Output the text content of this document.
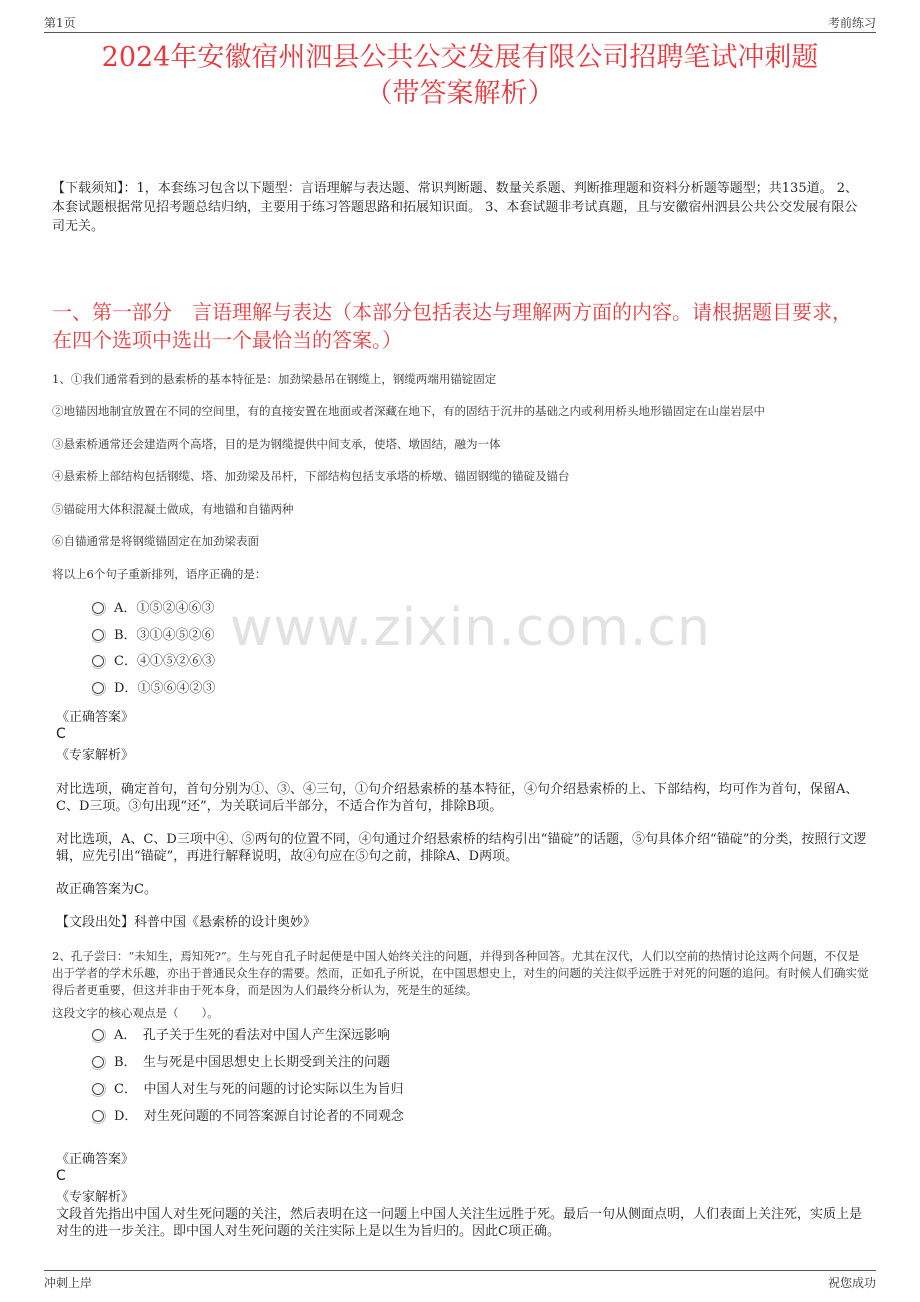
第1页	考前练习
2024年安徽宿州泗县公共公交发展有限公司招聘笔试冲刺题
（带答案解析）
【下载须知】：1，本套练习包含以下题型：言语理解与表达题、常识判断题、数量关系题、判断推理题和资料分析题等题型；共135道。 2、本套试题根据常见招考题总结归纳，主要用于练习答题思路和拓展知识面。 3、本套试题非考试真题，且与安徽宿州泗县公共公交发展有限公司无关。
一、第一部分　言语理解与表达（本部分包括表达与理解两方面的内容。请根据题目要求，在四个选项中选出一个最恰当的答案。）
1、①我们通常看到的悬索桥的基本特征是：加劲梁悬吊在钢缆上，钢缆两端用锚锭固定
②地锚因地制宜放置在不同的空间里，有的直接安置在地面或者深藏在地下，有的固结于沉井的基础之内或利用桥头地形锚固定在山崖岩层中
③悬索桥通常还会建造两个高塔，目的是为钢缆提供中间支承，使塔、墩固结，融为一体
④悬索桥上部结构包括钢缆、塔、加劲梁及吊杆，下部结构包括支承塔的桥墩、锚固钢缆的锚碇及锚台
⑤锚碇用大体积混凝土做成，有地锚和自锚两种
⑥自锚通常是将钢缆锚固定在加劲梁表面
将以上6个句子重新排列，语序正确的是：
www.zixin.com.cn
A．①⑤②④⑥③
B．③①④⑤②⑥
C．④①⑤②⑥③
D．①⑤⑥④②③
《正确答案》
C
《专家解析》
对比选项，确定首句，首句分别为①、③、④三句，①句介绍悬索桥的基本特征，④句介绍悬索桥的上、下部结构，均可作为首句，保留A、C、D三项。③句出现“还”，为关联词后半部分，不适合作为首句，排除B项。
对比选项，A、C、D三项中④、⑤两句的位置不同，④句通过介绍悬索桥的结构引出“锚碇”的话题，⑤句具体介绍“锚碇”的分类，按照行文逻辑，应先引出“锚碇”，再进行解释说明，故④句应在⑤句之前，排除A、D两项。
故正确答案为C。
【文段出处】科普中国《悬索桥的设计奥妙》
2、孔子尝曰：“未知生，焉知死?”。生与死自孔子时起便是中国人始终关注的问题，并得到各种回答。尤其在汉代，人们以空前的热情讨论这两个问题，不仅是出于学者的学术乐趣，亦出于普通民众生存的需要。然而，正如孔子所说，在中国思想史上，对生的问题的关注似乎远胜于对死的问题的追问。有时候人们确实觉得后者更重要，但这并非由于死本身，而是因为人们最终分析认为，死是生的延续。
这段文字的核心观点是（　　）。
A．　孔子关于生死的看法对中国人产生深远影响
B．　生与死是中国思想史上长期受到关注的问题
C．　中国人对生与死的问题的讨论实际以生为旨归
D．　对生死问题的不同答案源自讨论者的不同观念
《正确答案》
C
《专家解析》
文段首先指出中国人对生死问题的关注，然后表明在这一问题上中国人关注生远胜于死。最后一句从侧面点明，人们表面上关注死，实质上是对生的进一步关注。即中国人对生死问题的关注实际上是以生为旨归的。因此C项正确。
冲刺上岸	祝您成功
